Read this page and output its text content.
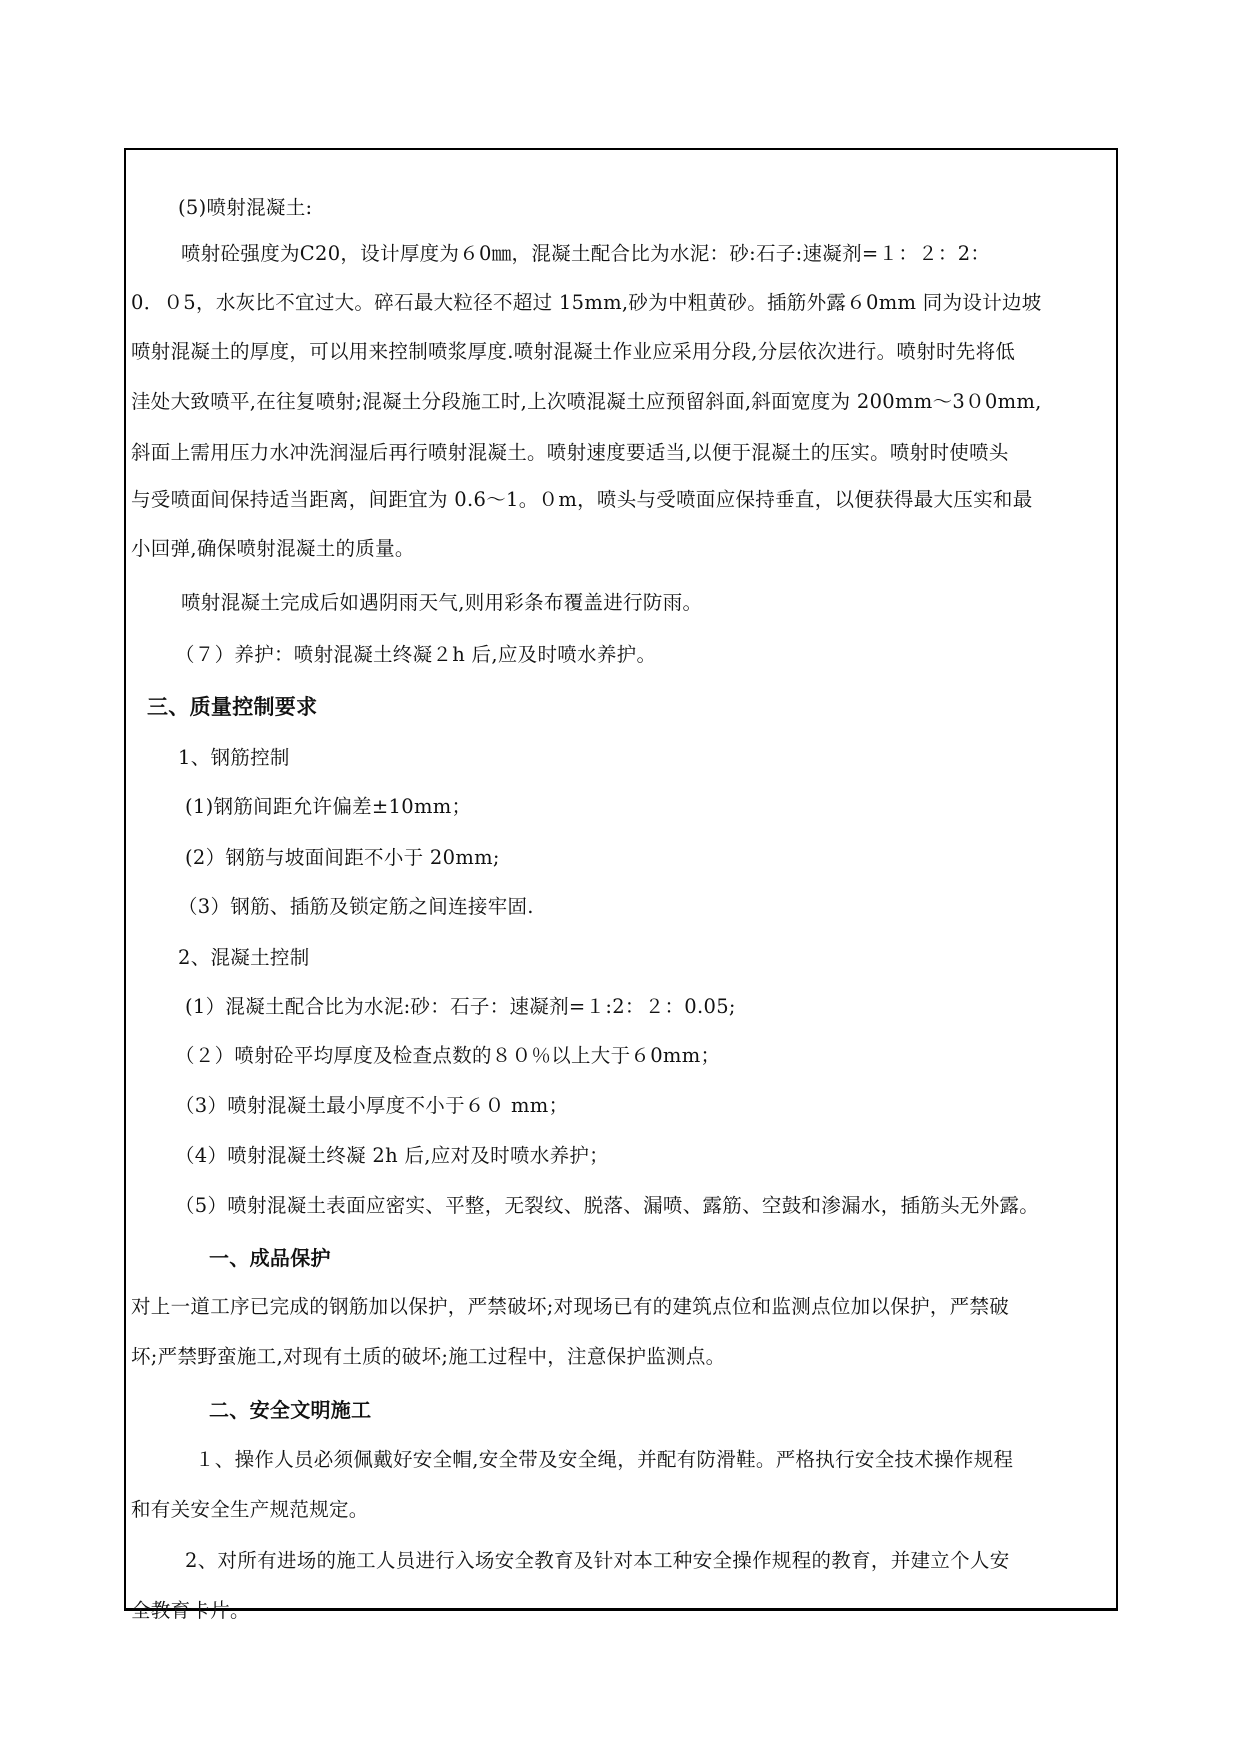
(5)喷射混凝土:
喷射砼强度为C20，设计厚度为６0㎜，混凝土配合比为水泥：砂:石子:速凝剂=１：２：2：
0．０5，水灰比不宜过大。碎石最大粒径不超过 15mm,砂为中粗黄砂。插筋外露６0mm 同为设计边坡
喷射混凝土的厚度，可以用来控制喷浆厚度.喷射混凝土作业应采用分段,分层依次进行。喷射时先将低
洼处大致喷平,在往复喷射;混凝土分段施工时,上次喷混凝土应预留斜面,斜面宽度为 200mm～3０0mm,
斜面上需用压力水冲洗润湿后再行喷射混凝土。喷射速度要适当,以便于混凝土的压实。喷射时使喷头
与受喷面间保持适当距离，间距宜为 0.6～1。０m，喷头与受喷面应保持垂直，以便获得最大压实和最
小回弹,确保喷射混凝土的质量。
喷射混凝土完成后如遇阴雨天气,则用彩条布覆盖进行防雨。
（７）养护：喷射混凝土终凝２h 后,应及时喷水养护。
三、质量控制要求
1、钢筋控制
(1)钢筋间距允许偏差±10mm；
(2）钢筋与坡面间距不小于 20mm;
（3）钢筋、插筋及锁定筋之间连接牢固.
2、混凝土控制
(1）混凝土配合比为水泥:砂：石子：速凝剂=１:2：２：0.05;
（２）喷射砼平均厚度及检查点数的８０％以上大于６0mm；
（3）喷射混凝土最小厚度不小于６０ mm；
（4）喷射混凝土终凝 2h 后,应对及时喷水养护；
（5）喷射混凝土表面应密实、平整，无裂纹、脱落、漏喷、露筋、空鼓和渗漏水，插筋头无外露。
一、成品保护
对上一道工序已完成的钢筋加以保护，严禁破坏;对现场已有的建筑点位和监测点位加以保护，严禁破
坏;严禁野蛮施工,对现有土质的破坏;施工过程中，注意保护监测点。
二、安全文明施工
１、操作人员必须佩戴好安全帽,安全带及安全绳，并配有防滑鞋。严格执行安全技术操作规程
和有关安全生产规范规定。
2、对所有进场的施工人员进行入场安全教育及针对本工种安全操作规程的教育，并建立个人安
全教育卡片。
